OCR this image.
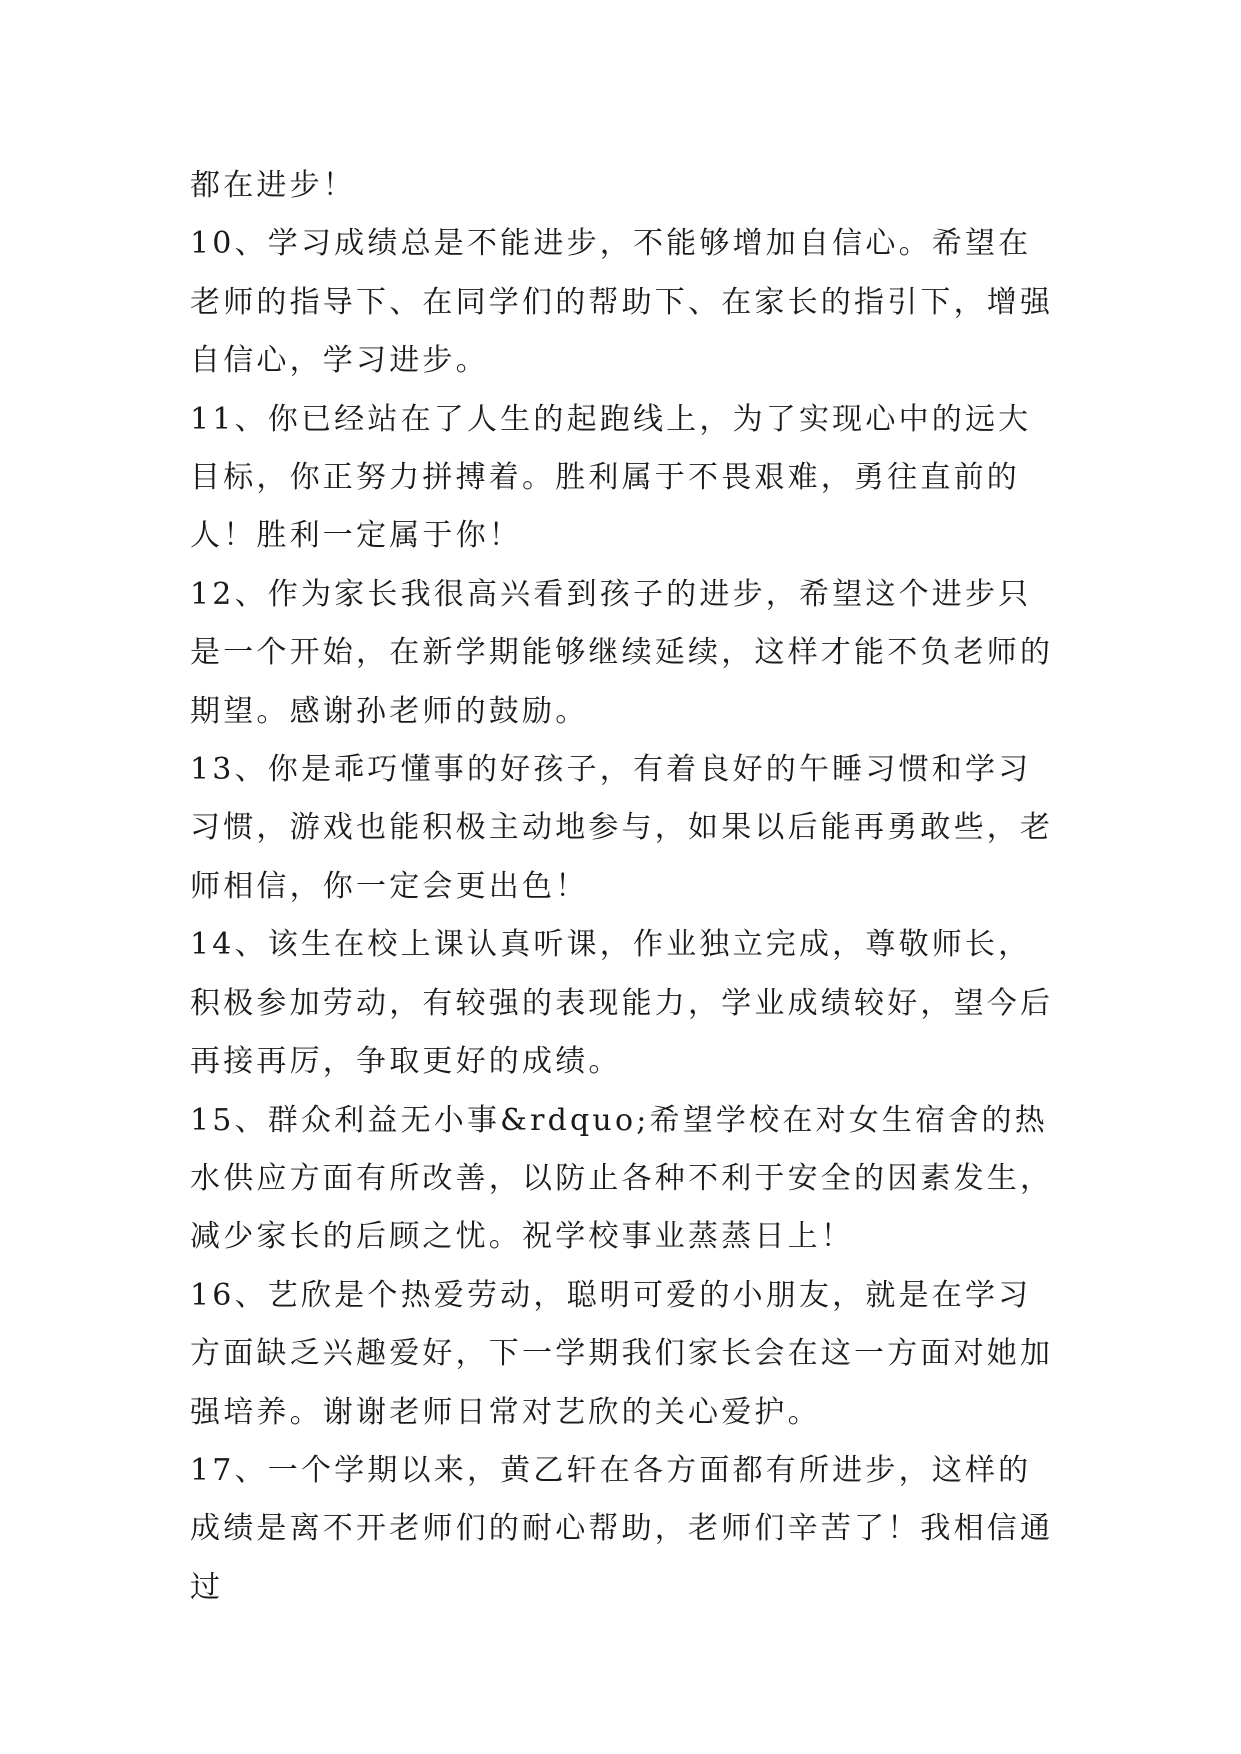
都在进步！

10、学习成绩总是不能进步，不能够增加自信心。希望在老师的指导下、在同学们的帮助下、在家长的指引下，增强自信心，学习进步。

11、你已经站在了人生的起跑线上，为了实现心中的远大目标，你正努力拼搏着。胜利属于不畏艰难，勇往直前的人！胜利一定属于你！

12、作为家长我很高兴看到孩子的进步，希望这个进步只是一个开始，在新学期能够继续延续，这样才能不负老师的期望。感谢孙老师的鼓励。

13、你是乖巧懂事的好孩子，有着良好的午睡习惯和学习习惯，游戏也能积极主动地参与，如果以后能再勇敢些，老师相信，你一定会更出色！

14、该生在校上课认真听课，作业独立完成，尊敬师长，积极参加劳动，有较强的表现能力，学业成绩较好，望今后再接再厉，争取更好的成绩。

15、群众利益无小事&rdquo;希望学校在对女生宿舍的热水供应方面有所改善，以防止各种不利于安全的因素发生，减少家长的后顾之忧。祝学校事业蒸蒸日上！

16、艺欣是个热爱劳动，聪明可爱的小朋友，就是在学习方面缺乏兴趣爱好，下一学期我们家长会在这一方面对她加强培养。谢谢老师日常对艺欣的关心爱护。

17、一个学期以来，黄乙轩在各方面都有所进步，这样的成绩是离不开老师们的耐心帮助，老师们辛苦了！我相信通过
